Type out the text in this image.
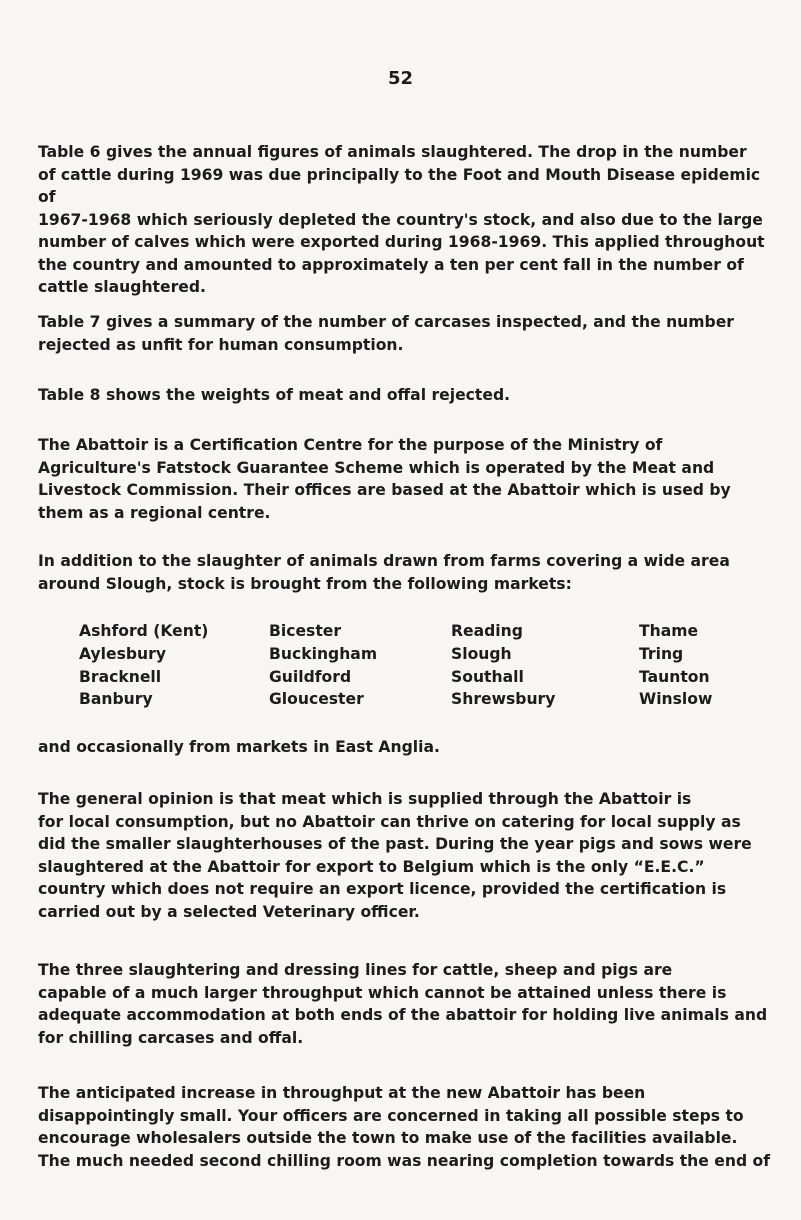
52

Table 6 gives the annual figures of animals slaughtered. The drop in the number
of cattle during 1969 was due principally to the Foot and Mouth Disease epidemic of
1967-1968 which seriously depleted the country's stock, and also due to the large
number of calves which were exported during 1968-1969. This applied throughout
the country and amounted to approximately a ten per cent fall in the number of
cattle slaughtered.

Table 7 gives a summary of the number of carcases inspected, and the number
rejected as unfit for human consumption.

Table 8 shows the weights of meat and offal rejected.

The Abattoir is a Certification Centre for the purpose of the Ministry of
Agriculture's Fatstock Guarantee Scheme which is operated by the Meat and
Livestock Commission. Their offices are based at the Abattoir which is used by
them as a regional centre.

In addition to the slaughter of animals drawn from farms covering a wide area
around Slough, stock is brought from the following markets:

Ashford (Kent)
Aylesbury
Bracknell
Banbury
Bicester
Buckingham
Guildford
Gloucester
Reading
Slough
Southall
Shrewsbury
Thame
Tring
Taunton
Winslow

and occasionally from markets in East Anglia.

The general opinion is that meat which is supplied through the Abattoir is
for local consumption, but no Abattoir can thrive on catering for local supply as
did the smaller slaughterhouses of the past. During the year pigs and sows were
slaughtered at the Abattoir for export to Belgium which is the only “E.E.C.”
country which does not require an export licence, provided the certification is
carried out by a selected Veterinary officer.

The three slaughtering and dressing lines for cattle, sheep and pigs are
capable of a much larger throughput which cannot be attained unless there is
adequate accommodation at both ends of the abattoir for holding live animals and
for chilling carcases and offal.

The anticipated increase in throughput at the new Abattoir has been
disappointingly small. Your officers are concerned in taking all possible steps to
encourage wholesalers outside the town to make use of the facilities available.
The much needed second chilling room was nearing completion towards the end of
